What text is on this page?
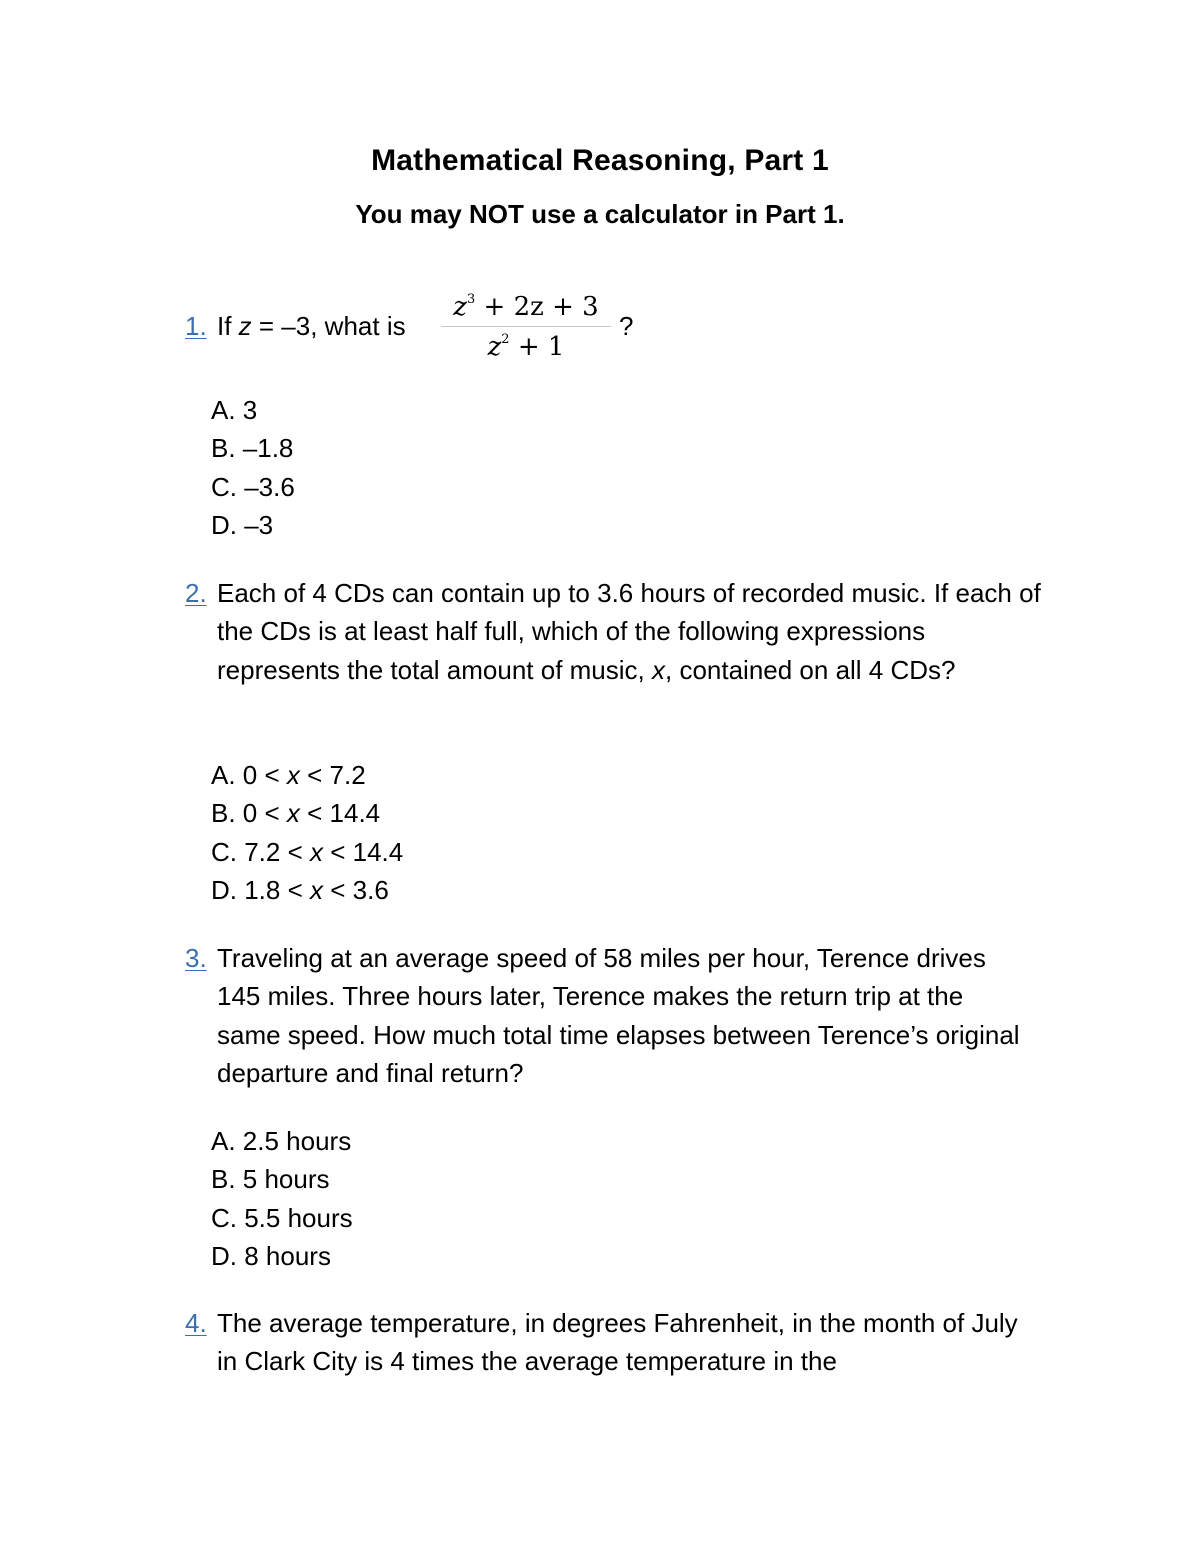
Mathematical Reasoning, Part 1
You may NOT use a calculator in Part 1.
1. If z = –3, what is
$z^3 + 2z + 3$
$z^2 + 1$
?
A. 3
B. –1.8
C. –3.6
D. –3
2. Each of 4 CDs can contain up to 3.6 hours of recorded music. If each of the CDs is at least half full, which of the following expressions represents the total amount of music, x, contained on all 4 CDs?
A. 0 < x < 7.2
B. 0 < x < 14.4
C. 7.2 < x < 14.4
D. 1.8 < x < 3.6
3. Traveling at an average speed of 58 miles per hour, Terence drives 145 miles. Three hours later, Terence makes the return trip at the same speed. How much total time elapses between Terence’s original departure and final return?
A. 2.5 hours
B. 5 hours
C. 5.5 hours
D. 8 hours
4. The average temperature, in degrees Fahrenheit, in the month of July in Clark City is 4 times the average temperature in the
